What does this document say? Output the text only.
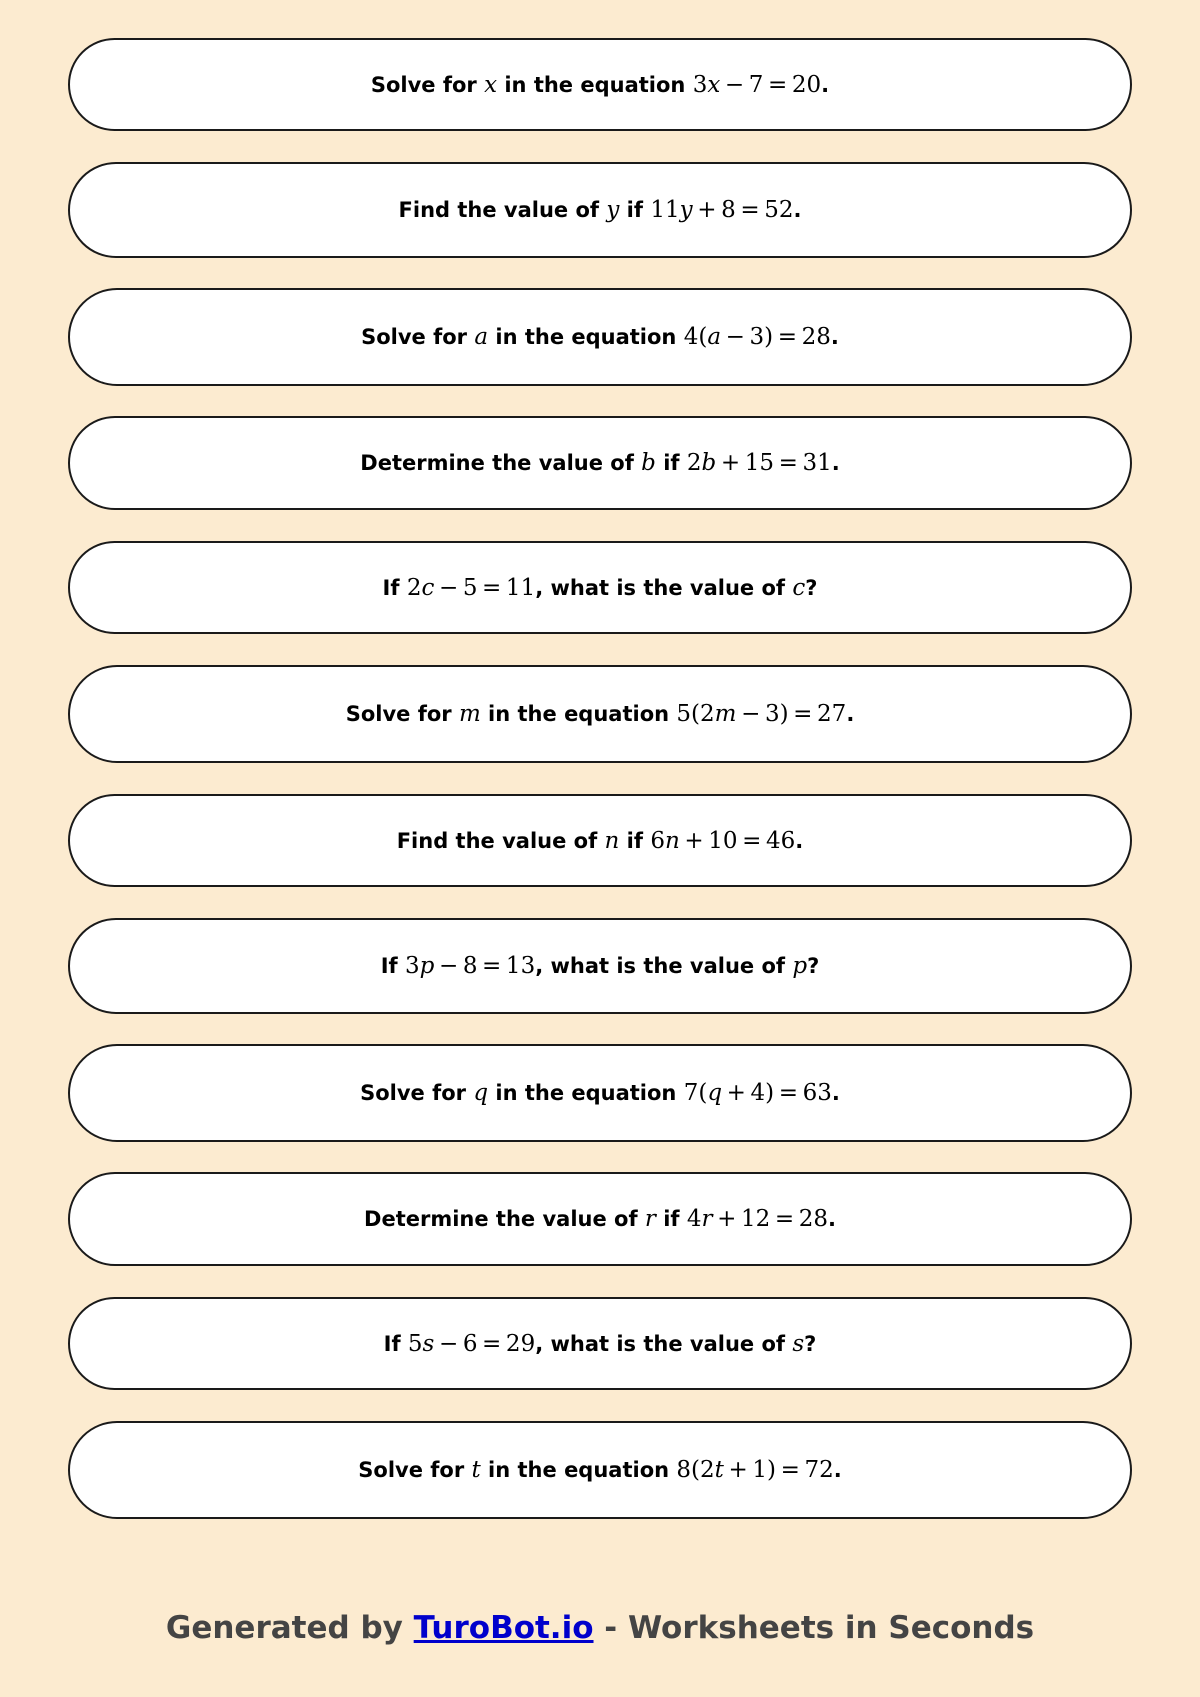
Solve for x in the equation 3x  −  7  =  20 .
Find the value of y if 11y  +  8  =  52 .
Solve for a in the equation 4(a  −  3)  =  28 .
Determine the value of b if 2b  +  15  =  31 .
If 2c  −  5  =  11 , what is the value of c ?
Solve for m in the equation 5(2m  −  3)  =  27 .
Find the value of n if 6n  +  10  =  46 .
If 3p  −  8  =  13 , what is the value of p ?
Solve for q in the equation 7(q  +  4)  =  63 .
Determine the value of r if 4r  +  12  =  28 .
If 5s  −  6  =  29 , what is the value of s ?
Solve for t in the equation 8(2t  +  1)  =  72 .
Generated by TuroBot.io - Worksheets in Seconds
